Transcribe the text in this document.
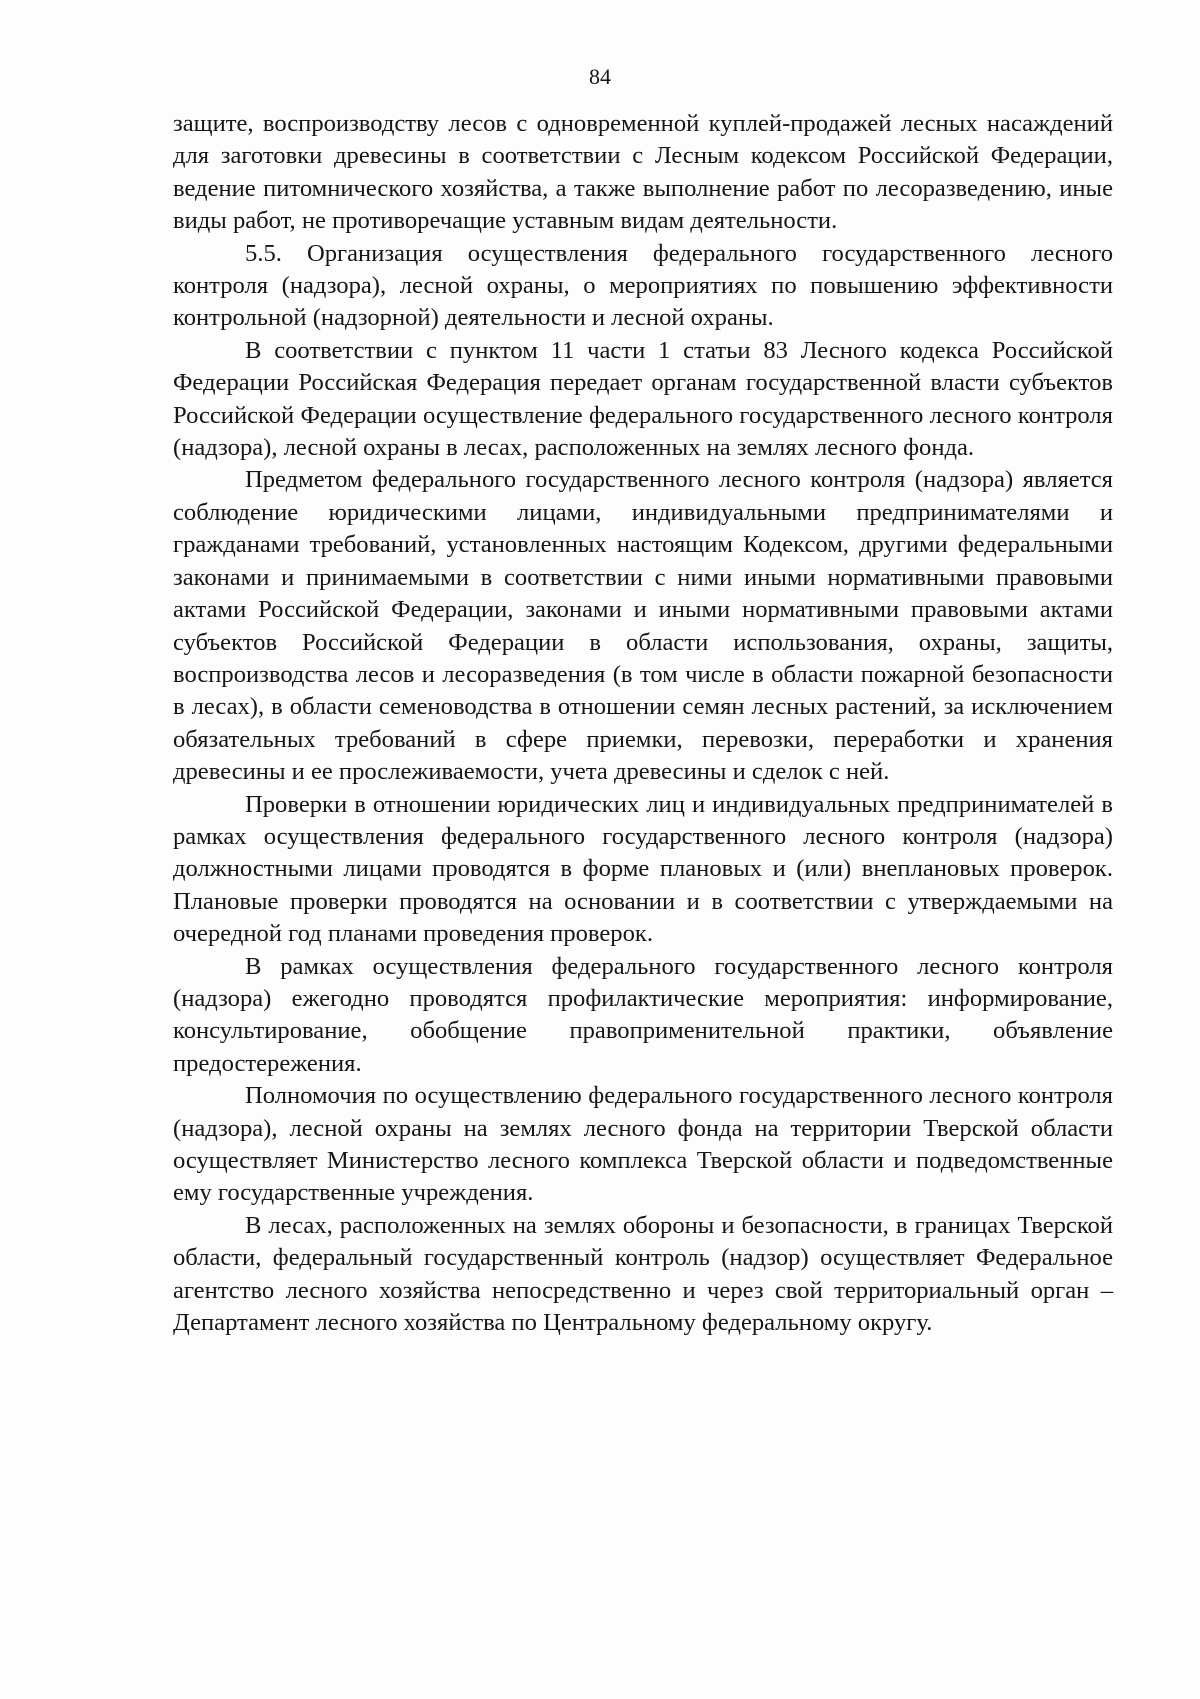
84

защите, воспроизводству лесов с одновременной куплей-продажей лесных насаждений для заготовки древесины в соответствии с Лесным кодексом Российской Федерации, ведение питомнического хозяйства, а также выполнение работ по лесоразведению, иные виды работ, не противоречащие уставным видам деятельности.

5.5. Организация осуществления федерального государственного лесного контроля (надзора), лесной охраны, о мероприятиях по повышению эффективности контрольной (надзорной) деятельности и лесной охраны.

В соответствии с пунктом 11 части 1 статьи 83 Лесного кодекса Российской Федерации Российская Федерация передает органам государственной власти субъектов Российской Федерации осуществление федерального государственного лесного контроля (надзора), лесной охраны в лесах, расположенных на землях лесного фонда.

Предметом федерального государственного лесного контроля (надзора) является соблюдение юридическими лицами, индивидуальными предпринимателями и гражданами требований, установленных настоящим Кодексом, другими федеральными законами и принимаемыми в соответствии с ними иными нормативными правовыми актами Российской Федерации, законами и иными нормативными правовыми актами субъектов Российской Федерации в области использования, охраны, защиты, воспроизводства лесов и лесоразведения (в том числе в области пожарной безопасности в лесах), в области семеноводства в отношении семян лесных растений, за исключением обязательных требований в сфере приемки, перевозки, переработки и хранения древесины и ее прослеживаемости, учета древесины и сделок с ней.

Проверки в отношении юридических лиц и индивидуальных предпринимателей в рамках осуществления федерального государственного лесного контроля (надзора) должностными лицами проводятся в форме плановых и (или) внеплановых проверок. Плановые проверки проводятся на основании и в соответствии с утверждаемыми на очередной год планами проведения проверок.

В рамках осуществления федерального государственного лесного контроля (надзора) ежегодно проводятся профилактические мероприятия: информирование, консультирование, обобщение правоприменительной практики, объявление предостережения.

Полномочия по осуществлению федерального государственного лесного контроля (надзора), лесной охраны на землях лесного фонда на территории Тверской области осуществляет Министерство лесного комплекса Тверской области и подведомственные ему государственные учреждения.

В лесах, расположенных на землях обороны и безопасности, в границах Тверской области, федеральный государственный контроль (надзор) осуществляет Федеральное агентство лесного хозяйства непосредственно и через свой территориальный орган – Департамент лесного хозяйства по Центральному федеральному округу.
